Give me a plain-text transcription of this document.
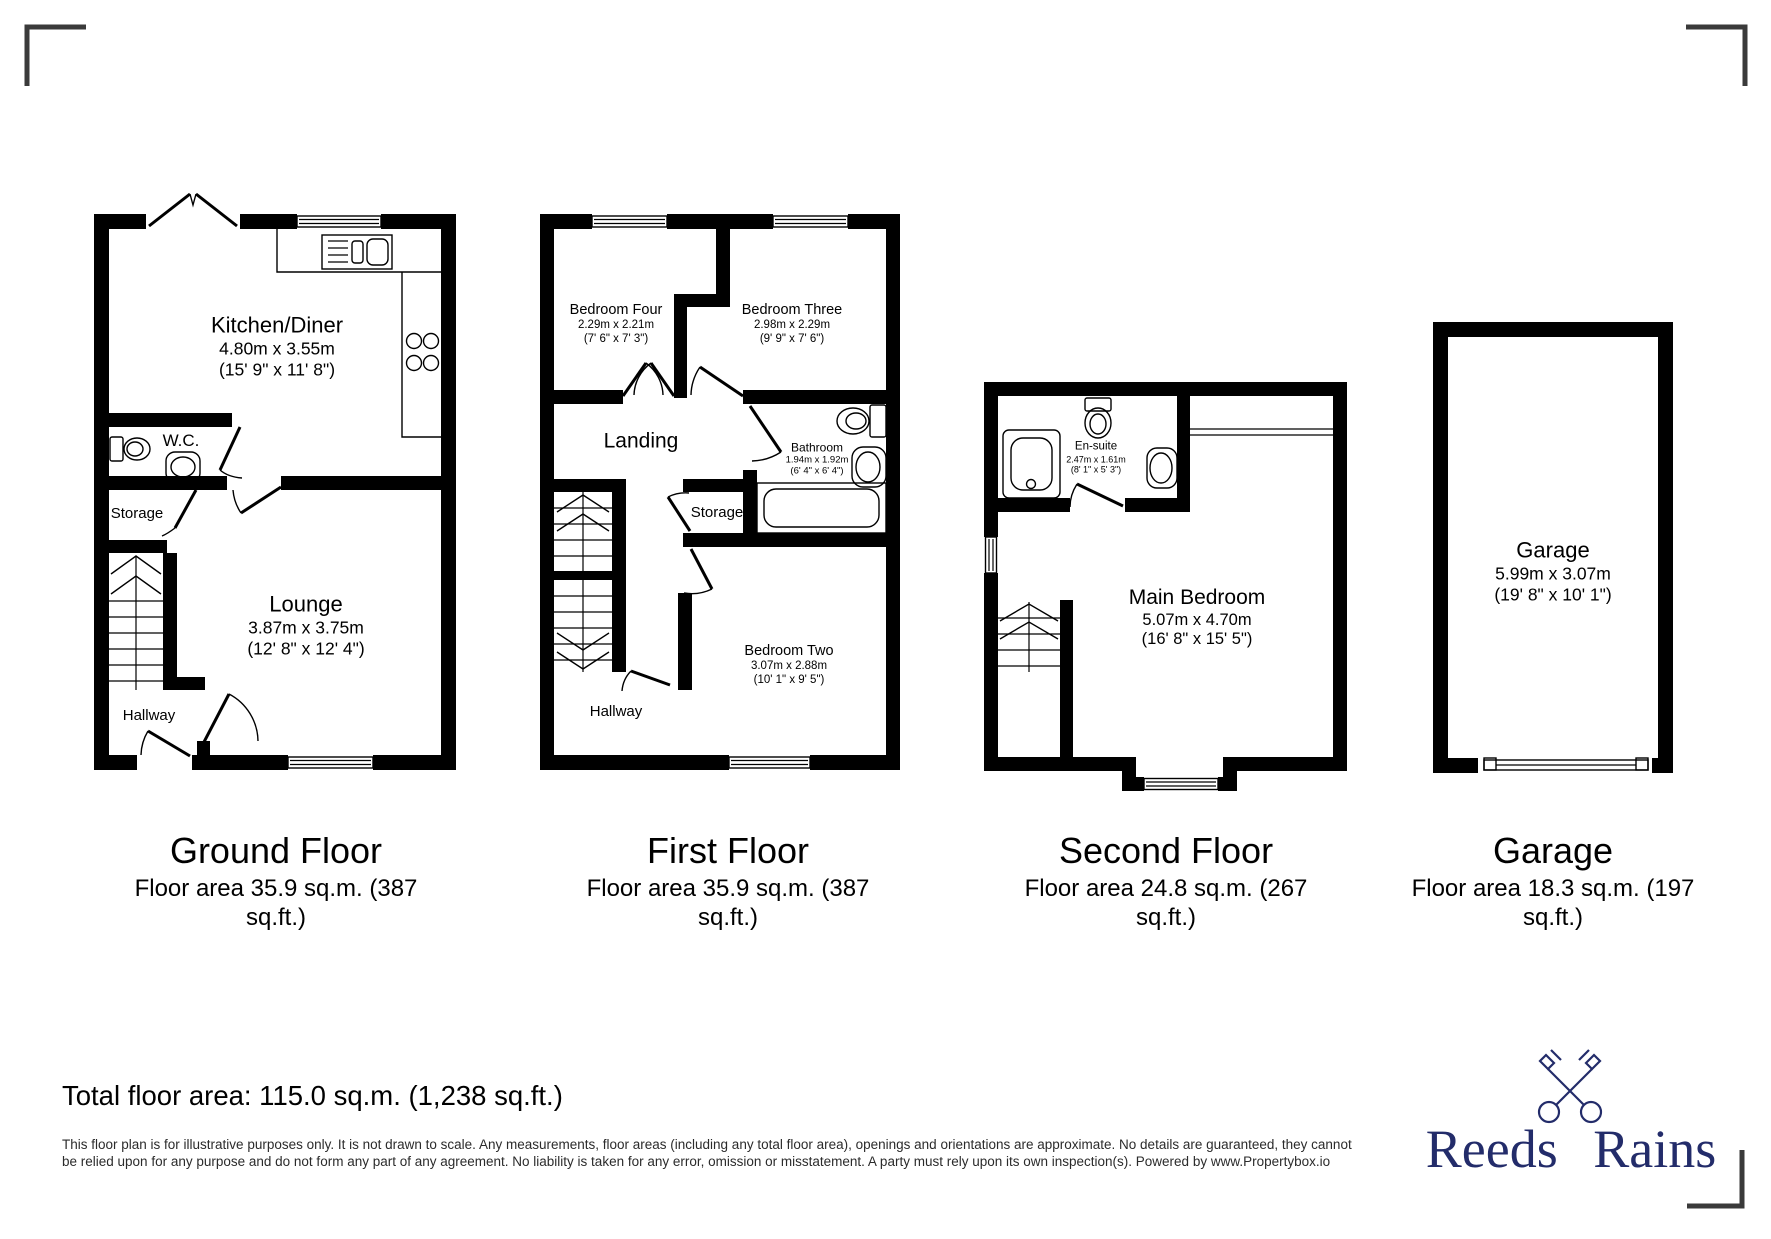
Kitchen/Diner
4.80m x 3.55m
(15' 9" x 11' 8")
W.C.
Storage
Lounge
3.87m x 3.75m
(12' 8" x 12' 4")
Hallway
Bedroom Four
2.29m x 2.21m
(7' 6" x 7' 3")
Bedroom Three
2.98m x 2.29m
(9' 9" x 7' 6")
Landing	Bathroom
1.94m x 1.92m
(6' 4" x 6' 4")
Storage
Bedroom Two
3.07m x 2.88m
(10' 1" x 9' 5")
Hallway
En-suite
2.47m x 1.61m
(8' 1" x 5' 3")
Main Bedroom
5.07m x 4.70m
(16' 8" x 15' 5")
Garage
5.99m x 3.07m
(19' 8" x 10' 1")
Ground Floor
Floor area 35.9 sq.m. (387 sq.ft.)
First Floor
Floor area 35.9 sq.m. (387 sq.ft.)
Second Floor
Floor area 24.8 sq.m. (267 sq.ft.)
Garage
Floor area 18.3 sq.m. (197 sq.ft.)
Total floor area: 115.0 sq.m. (1,238 sq.ft.)
This floor plan is for illustrative purposes only. It is not drawn to scale. Any measurements, floor areas (including any total floor area), openings and orientations are approximate. No details are guaranteed, they cannot be relied upon for any purpose and do not form any part of any agreement. No liability is taken for any error, omission or misstatement. A party must rely upon its own inspection(s). Powered by www.Propertybox.io	Reeds Rains
